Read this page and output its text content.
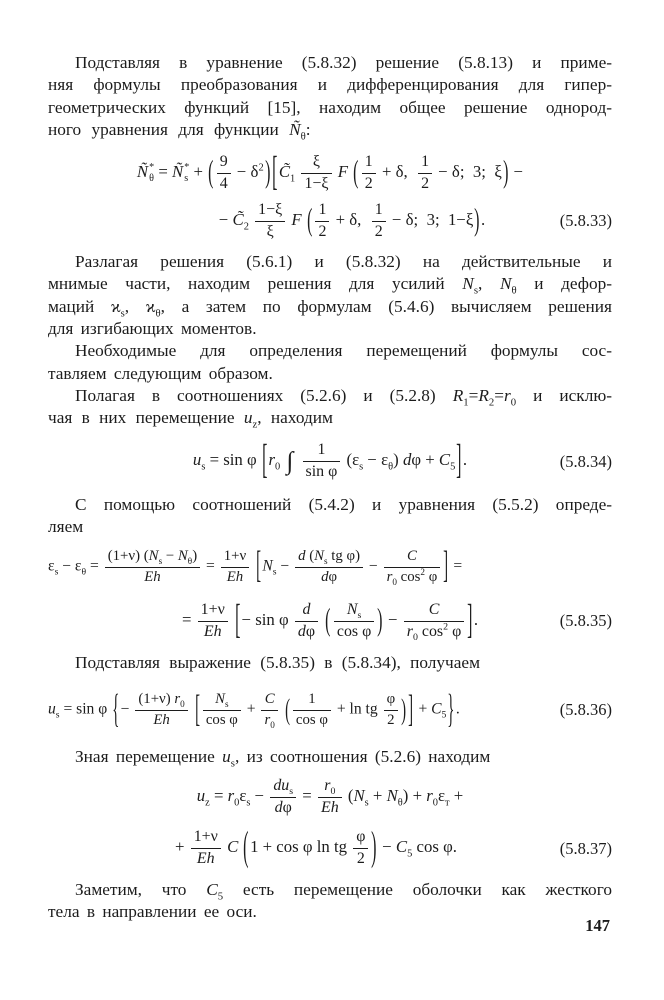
Подставляя в уравнение (5.8.32) решение (5.8.13) и приме-
няя формулы преобразования и дифференцирования для гипер-
геометрических функций [15], находим общее решение однород-
ного уравнения для функции $Ñ_\theta$:

Ñ *
θ = Ñ *
s + ( $\frac{9}{4} - \delta^2$) [$C̃_1 \frac{\xi}{1-\xi}$ F ( $\frac{1}{2} + \delta$, $\frac{1}{2} - \delta$;  3;  ξ) −
− $C̃_2 \frac{1-\xi}{\xi}$ F ( $\frac{1}{2} + \delta$, $\frac{1}{2} - \delta$;  3;  1−ξ).	(5.8.33)

Разлагая решения (5.6.1) и (5.8.32) на действительные и
мнимые части, находим решения для усилий $N_s$, $N_\theta$ и дефор-
маций $ϰ_s$, $ϰ_\theta$, а затем по формулам (5.4.6) вычисляем решения
для изгибающих моментов.

Необходимые для определения перемещений формулы сос-
тавляем следующим образом.

Полагая в соотношениях (5.2.6) и (5.2.8) $R_1=R_2=r_0$ и исклю-
чая в них перемещение $u_z$, находим

$u_s = \sin \varphi$ [$r_0$ ∫ $\frac{1}{\text{sin φ}} (\varepsilon_s - \varepsilon_\theta) d\varphi + C_5$].	(5.8.34)

С помощью соотношений (5.4.2) и уравнения (5.5.2) опреде-
ляем

$\varepsilon_s - \varepsilon_\theta = \frac{(1+\nu) (N_s - N_\theta)}{Eh} = \frac{1+\nu}{Eh} [N_s - \frac{d (N_s tg \varphi)}{d\varphi} - \frac{C}{r_0 \cos^2 \varphi}$ ] =
= $\frac{1+\nu}{Eh}$ [− sin φ $\frac{d}{d\varphi}$ ( $\frac{N_s}{\text{cos φ}}$ ) − $\frac{C}{r_0 \cos^2 \varphi}$ ].	(5.8.35)

Подставляя выражение (5.8.35) в (5.8.34), получаем

$u_s = \sin \varphi$ {− $\frac{(1+\nu) r_0}{Eh}$ [ $\frac{N_s}{\text{cos φ}} + \frac{C}{r_0}$ ( $\frac{1}{\text{cos φ}} + \ln$ tg $\frac{\varphi}{2}$ ) ] + $C_5$}.	(5.8.36)

Зная перемещение $u_s$, из соотношения (5.2.6) находим

$u_z = r_0\varepsilon_s$ −
$du_s$
dφ
= $\frac{r_0}{Eh} (N_s + N_\theta) + r_0\varepsilon_т$ +
+ $\frac{1+\nu}{Eh}$ C (1 + cos φ ln tg $\frac{\varphi}{2}$ ) − $C_5$ cos φ.	(5.8.37)

Заметим, что $C_5$ есть перемещение оболочки как жесткого
тела в направлении ее оси.

147
